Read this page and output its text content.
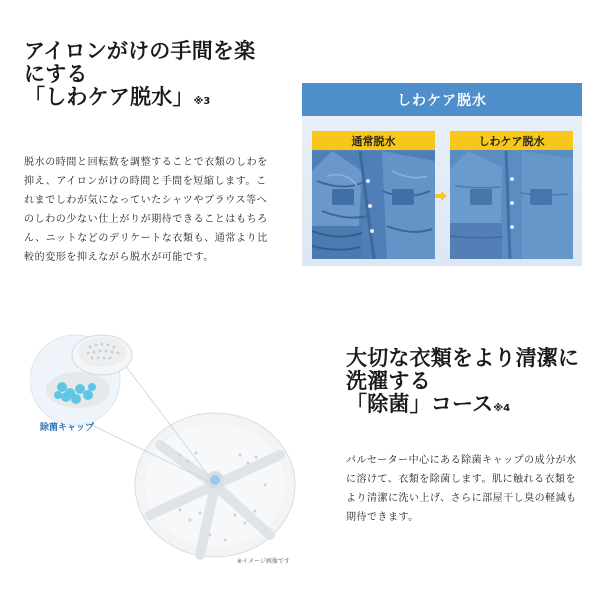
アイロンがけの手間を楽
にする
「しわケア脱水」※3
脱水の時間と回転数を調整することで衣類のしわを抑え、アイロンがけの時間と手間を短縮します。これまでしわが気になっていたシャツやブラウス等へのしわの少ない仕上がりが期待できることはもちろん、ニットなどのデリケートな衣類も、通常より比較的変形を抑えながら脱水が可能です。
しわケア脱水
通常脱水	しわケア脱水
除菌キャップ
※イメージ画像です
大切な衣類をより清潔に
洗濯する
「除菌」コース※4
パルセーター中心にある除菌キャップの成分が水に溶けて、衣類を除菌します。肌に触れる衣類をより清潔に洗い上げ、さらに部屋干し臭の軽減も期待できます。
